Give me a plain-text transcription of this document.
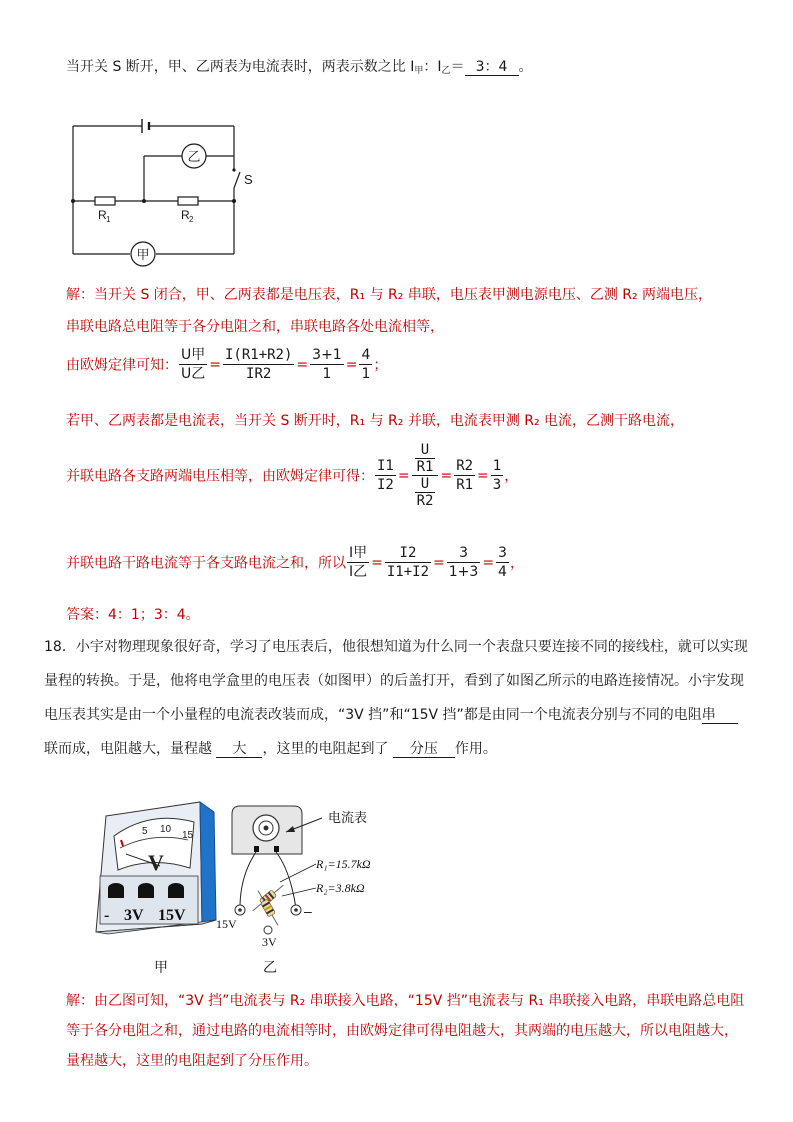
当开关 S 断开，甲、乙两表为电流表时，两表示数之比 $I_甲$：$I_乙= 3$：4 。
乙
甲
S
R 1	R 2
解：当开关 S 闭合，甲、乙两表都是电压表，R₁ 与 R₂ 串联，电压表甲测电源电压、乙测 R₂ 两端电压，
串联电路总电阻等于各分电阻之和，串联电路各处电流相等，
由欧姆定律可知： $\frac{\text{U甲}}{\text{U乙}} = \frac{I(R1+R2)}{IR2} = \frac{3+1}{1} = \frac{4}{1}$ ；
若甲、乙两表都是电流表，当开关 S 断开时，R₁ 与 R₂ 并联，电流表甲测 R₂ 电流，乙测干路电流，
并联电路各支路两端电压相等，由欧姆定律可得： $\frac{I1}{I2} = \frac{\frac{U}{R1}}{\frac{U}{R2}} = \frac{R2}{R1} = \frac{1}{3}$ ，
并联电路干路电流等于各支路电流之和，所以 $\frac{\text{I甲}}{\text{I乙}} = \frac{I2}{I1+I2} = \frac{3}{1+3} = \frac{3}{4}$ ，
答案：4：1；3：4。
18．小宇对物理现象很好奇，学习了电压表后，他很想知道为什么同一个表盘只要连接不同的接线柱，就可以实现量程的转换。于是，他将电学盒里的电压表（如图甲）的后盖打开，看到了如图乙所示的电路连接情况。小宇发现电压表其实是由一个小量程的电流表改装而成，“3V 挡”和“15V 挡”都是由同一个电流表分别与不同的电阻串联而成，电阻越大，量程越 大 ，这里的电阻起到了 分压 作用。
5 10
15
V
- 3V 15V
电流表
R₁=15.7kΩ
R₂=3.8kΩ
15V
3V
–
甲	乙
解：由乙图可知，“3V 挡”电流表与 R₂ 串联接入电路，“15V 挡”电流表与 R₁ 串联接入电路，串联电路总电阻等于各分电阻之和，通过电路的电流相等时，由欧姆定律可得电阻越大，其两端的电压越大，所以电阻越大，量程越大，这里的电阻起到了分压作用。
